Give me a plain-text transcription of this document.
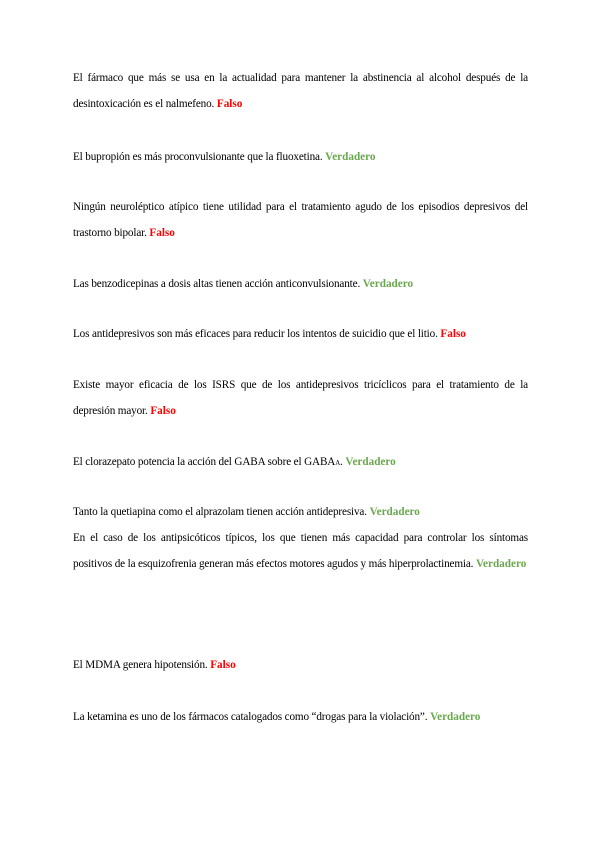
El fármaco que más se usa en la actualidad para mantener la abstinencia al alcohol después de la desintoxicación es el nalmefeno. Falso

El bupropión es más proconvulsionante que la fluoxetina. Verdadero

Ningún neuroléptico atípico tiene utilidad para el tratamiento agudo de los episodios depresivos del trastorno bipolar. Falso

Las benzodicepinas a dosis altas tienen acción anticonvulsionante. Verdadero

Los antidepresivos son más eficaces para reducir los intentos de suicidio que el litio. Falso

Existe mayor eficacia de los ISRS que de los antidepresivos tricíclicos para el tratamiento de la depresión mayor. Falso

El clorazepato potencia la acción del GABA sobre el GABAA. Verdadero

Tanto la quetiapina como el alprazolam tienen acción antidepresiva. Verdadero

En el caso de los antipsicóticos típicos, los que tienen más capacidad para controlar los síntomas positivos de la esquizofrenia generan más efectos motores agudos y más hiperprolactinemia. Verdadero

El MDMA genera hipotensión. Falso

La ketamina es uno de los fármacos catalogados como “drogas para la violación”. Verdadero
